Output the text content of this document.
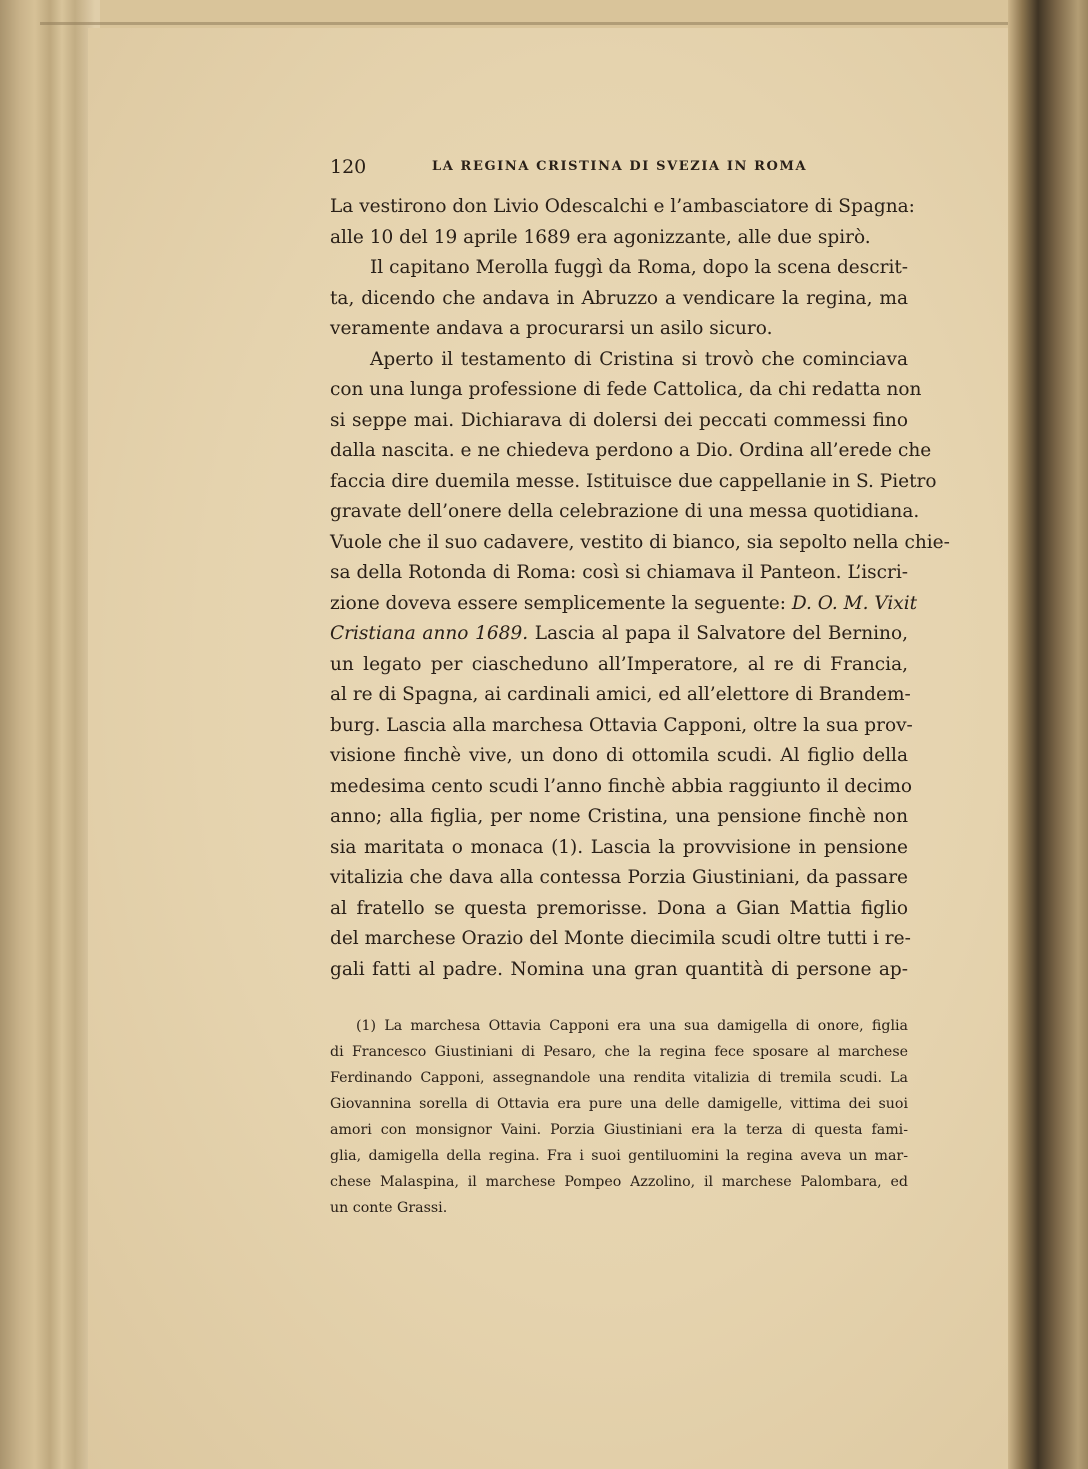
120	LA REGINA CRISTINA DI SVEZIA IN ROMA
La vestirono don Livio Odescalchi e l’ambasciatore di Spagna:
alle 10 del 19 aprile 1689 era agonizzante, alle due spirò.
Il capitano Merolla fuggì da Roma, dopo la scena descrit-
ta, dicendo che andava in Abruzzo a vendicare la regina, ma
veramente andava a procurarsi un asilo sicuro.
Aperto il testamento di Cristina si trovò che cominciava
con una lunga professione di fede Cattolica, da chi redatta non
si seppe mai. Dichiarava di dolersi dei peccati commessi fino
dalla nascita. e ne chiedeva perdono a Dio. Ordina all’erede che
faccia dire duemila messe. Istituisce due cappellanie in S. Pietro
gravate dell’onere della celebrazione di una messa quotidiana.
Vuole che il suo cadavere, vestito di bianco, sia sepolto nella chie-
sa della Rotonda di Roma: così si chiamava il Panteon. L’iscri-
zione doveva essere semplicemente la seguente: D. O. M. Vixit
Cristiana anno 1689. Lascia al papa il Salvatore del Bernino,
un legato per ciascheduno all’Imperatore, al re di Francia,
al re di Spagna, ai cardinali amici, ed all’elettore di Brandem-
burg. Lascia alla marchesa Ottavia Capponi, oltre la sua prov-
visione finchè vive, un dono di ottomila scudi. Al figlio della
medesima cento scudi l’anno finchè abbia raggiunto il decimo
anno; alla figlia, per nome Cristina, una pensione finchè non
sia maritata o monaca (1). Lascia la provvisione in pensione
vitalizia che dava alla contessa Porzia Giustiniani, da passare
al fratello se questa premorisse. Dona a Gian Mattia figlio
del marchese Orazio del Monte diecimila scudi oltre tutti i re-
gali fatti al padre. Nomina una gran quantità di persone ap-
(1) La marchesa Ottavia Capponi era una sua damigella di onore, figlia
di Francesco Giustiniani di Pesaro, che la regina fece sposare al marchese
Ferdinando Capponi, assegnandole una rendita vitalizia di tremila scudi. La
Giovannina sorella di Ottavia era pure una delle damigelle, vittima dei suoi
amori con monsignor Vaini. Porzia Giustiniani era la terza di questa fami-
glia, damigella della regina. Fra i suoi gentiluomini la regina aveva un mar-
chese Malaspina, il marchese Pompeo Azzolino, il marchese Palombara, ed
un conte Grassi.
